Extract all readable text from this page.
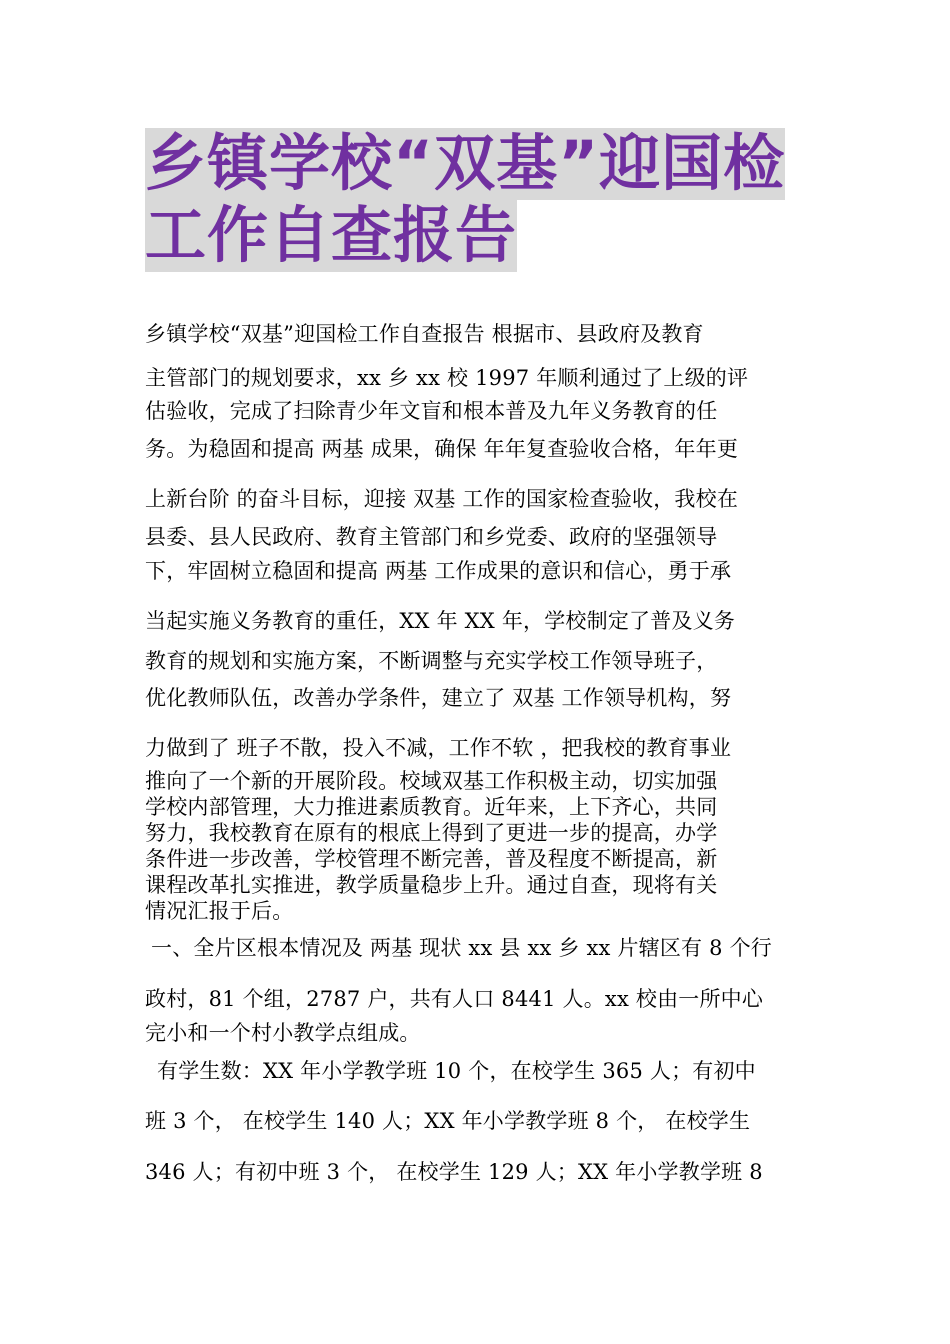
乡镇学校“双基”迎国检
工作自查报告
乡镇学校“双基”迎国检工作自查报告 根据市、县政府及教育
主管部门的规划要求，xx 乡 xx 校 1997 年顺利通过了上级的评
估验收，完成了扫除青少年文盲和根本普及九年义务教育的任
务。为稳固和提高 两基 成果，确保 年年复查验收合格，年年更
上新台阶 的奋斗目标，迎接 双基 工作的国家检查验收，我校在
县委、县人民政府、教育主管部门和乡党委、政府的坚强领导
下，牢固树立稳固和提高 两基 工作成果的意识和信心，勇于承
当起实施义务教育的重任，XX 年 XX 年，学校制定了普及义务
教育的规划和实施方案，不断调整与充实学校工作领导班子，
优化教师队伍，改善办学条件，建立了 双基 工作领导机构，努
力做到了 班子不散，投入不减，工作不软 ，把我校的教育事业
推向了一个新的开展阶段。校域双基工作积极主动，切实加强
学校内部管理，大力推进素质教育。近年来，上下齐心，共同
努力，我校教育在原有的根底上得到了更进一步的提高，办学
条件进一步改善，学校管理不断完善，普及程度不断提高，新
课程改革扎实推进，教学质量稳步上升。通过自查，现将有关
情况汇报于后。
一、全片区根本情况及 两基 现状 xx 县 xx 乡 xx 片辖区有 8 个行
政村，81 个组，2787 户，共有人口 8441 人。xx 校由一所中心
完小和一个村小教学点组成。
有学生数：XX 年小学教学班 10 个，在校学生 365 人；有初中
班 3 个， 在校学生 140 人；XX 年小学教学班 8 个， 在校学生
346 人；有初中班 3 个， 在校学生 129 人；XX 年小学教学班 8
